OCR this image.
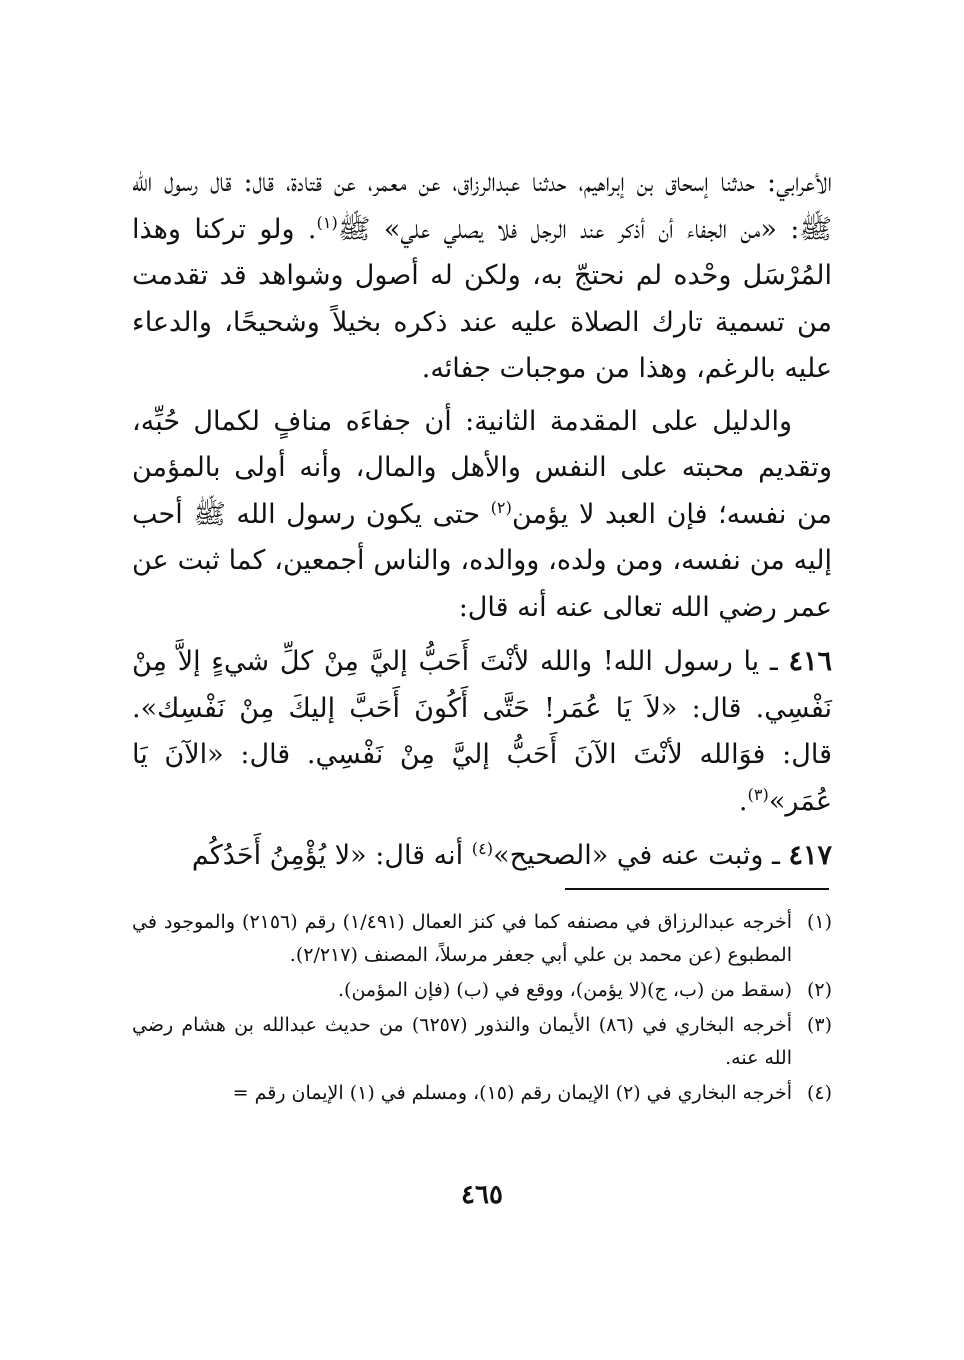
الأعرابي: حدثنا إسحاق بن إبراهيم، حدثنا عبدالرزاق، عن معمر، عن قتادة، قال: قال رسول الله ﷺ: «من الجفاء أن أذكر عند الرجل فلا يصلي علي» ﷺ$^{(١)}$. ولو تركنا وهذا المُرْسَل وحْده لم نحتجّ به، ولكن له أصول وشواهد قد تقدمت من تسمية تارك الصلاة عليه عند ذكره بخيلاً وشحيحًا، والدعاء عليه بالرغم، وهذا من موجبات جفائه.

والدليل على المقدمة الثانية: أن جفاءَه منافٍ لكمال حُبِّه، وتقديم محبته على النفس والأهل والمال، وأنه أولى بالمؤمن من نفسه؛ فإن العبد لا يؤمن$^{(٢)}$ حتى يكون رسول الله ﷺ أحب إليه من نفسه، ومن ولده، ووالده، والناس أجمعين، كما ثبت عن عمر رضي الله تعالى عنه أنه قال:

٤١٦ ـ يا رسول الله! والله لأنْتَ أَحَبُّ إليَّ مِنْ كلِّ شيءٍ إلاَّ مِنْ نَفْسِي. قال: «لاَ يَا عُمَر! حَتَّى أَكُونَ أَحَبَّ إليكَ مِنْ نَفْسِك». قال: فوَالله لأنْتَ الآنَ أَحَبُّ إليَّ مِنْ نَفْسِي. قال: «الآنَ يَا عُمَر»$^{(٣)}$.

٤١٧ ـ وثبت عنه في «الصحيح»$^{(٤)}$ أنه قال: «لا يُؤْمِنُ أَحَدُكُم

(١)
أخرجه عبدالرزاق في مصنفه كما في كنز العمال (١/٤٩١) رقم (٢١٥٦) والموجود في المطبوع (عن محمد بن علي أبي جعفر مرسلاً، المصنف (٢/٢١٧).
(٢)
(سقط من (ب، ج)(لا يؤمن)، ووقع في (ب) (فإن المؤمن).
(٣)
أخرجه البخاري في (٨٦) الأيمان والنذور (٦٢٥٧) من حديث عبدالله بن هشام رضي الله عنه.
(٤)
أخرجه البخاري في (٢) الإيمان رقم (١٥)، ومسلم في (١) الإيمان رقم =
٤٦٥
